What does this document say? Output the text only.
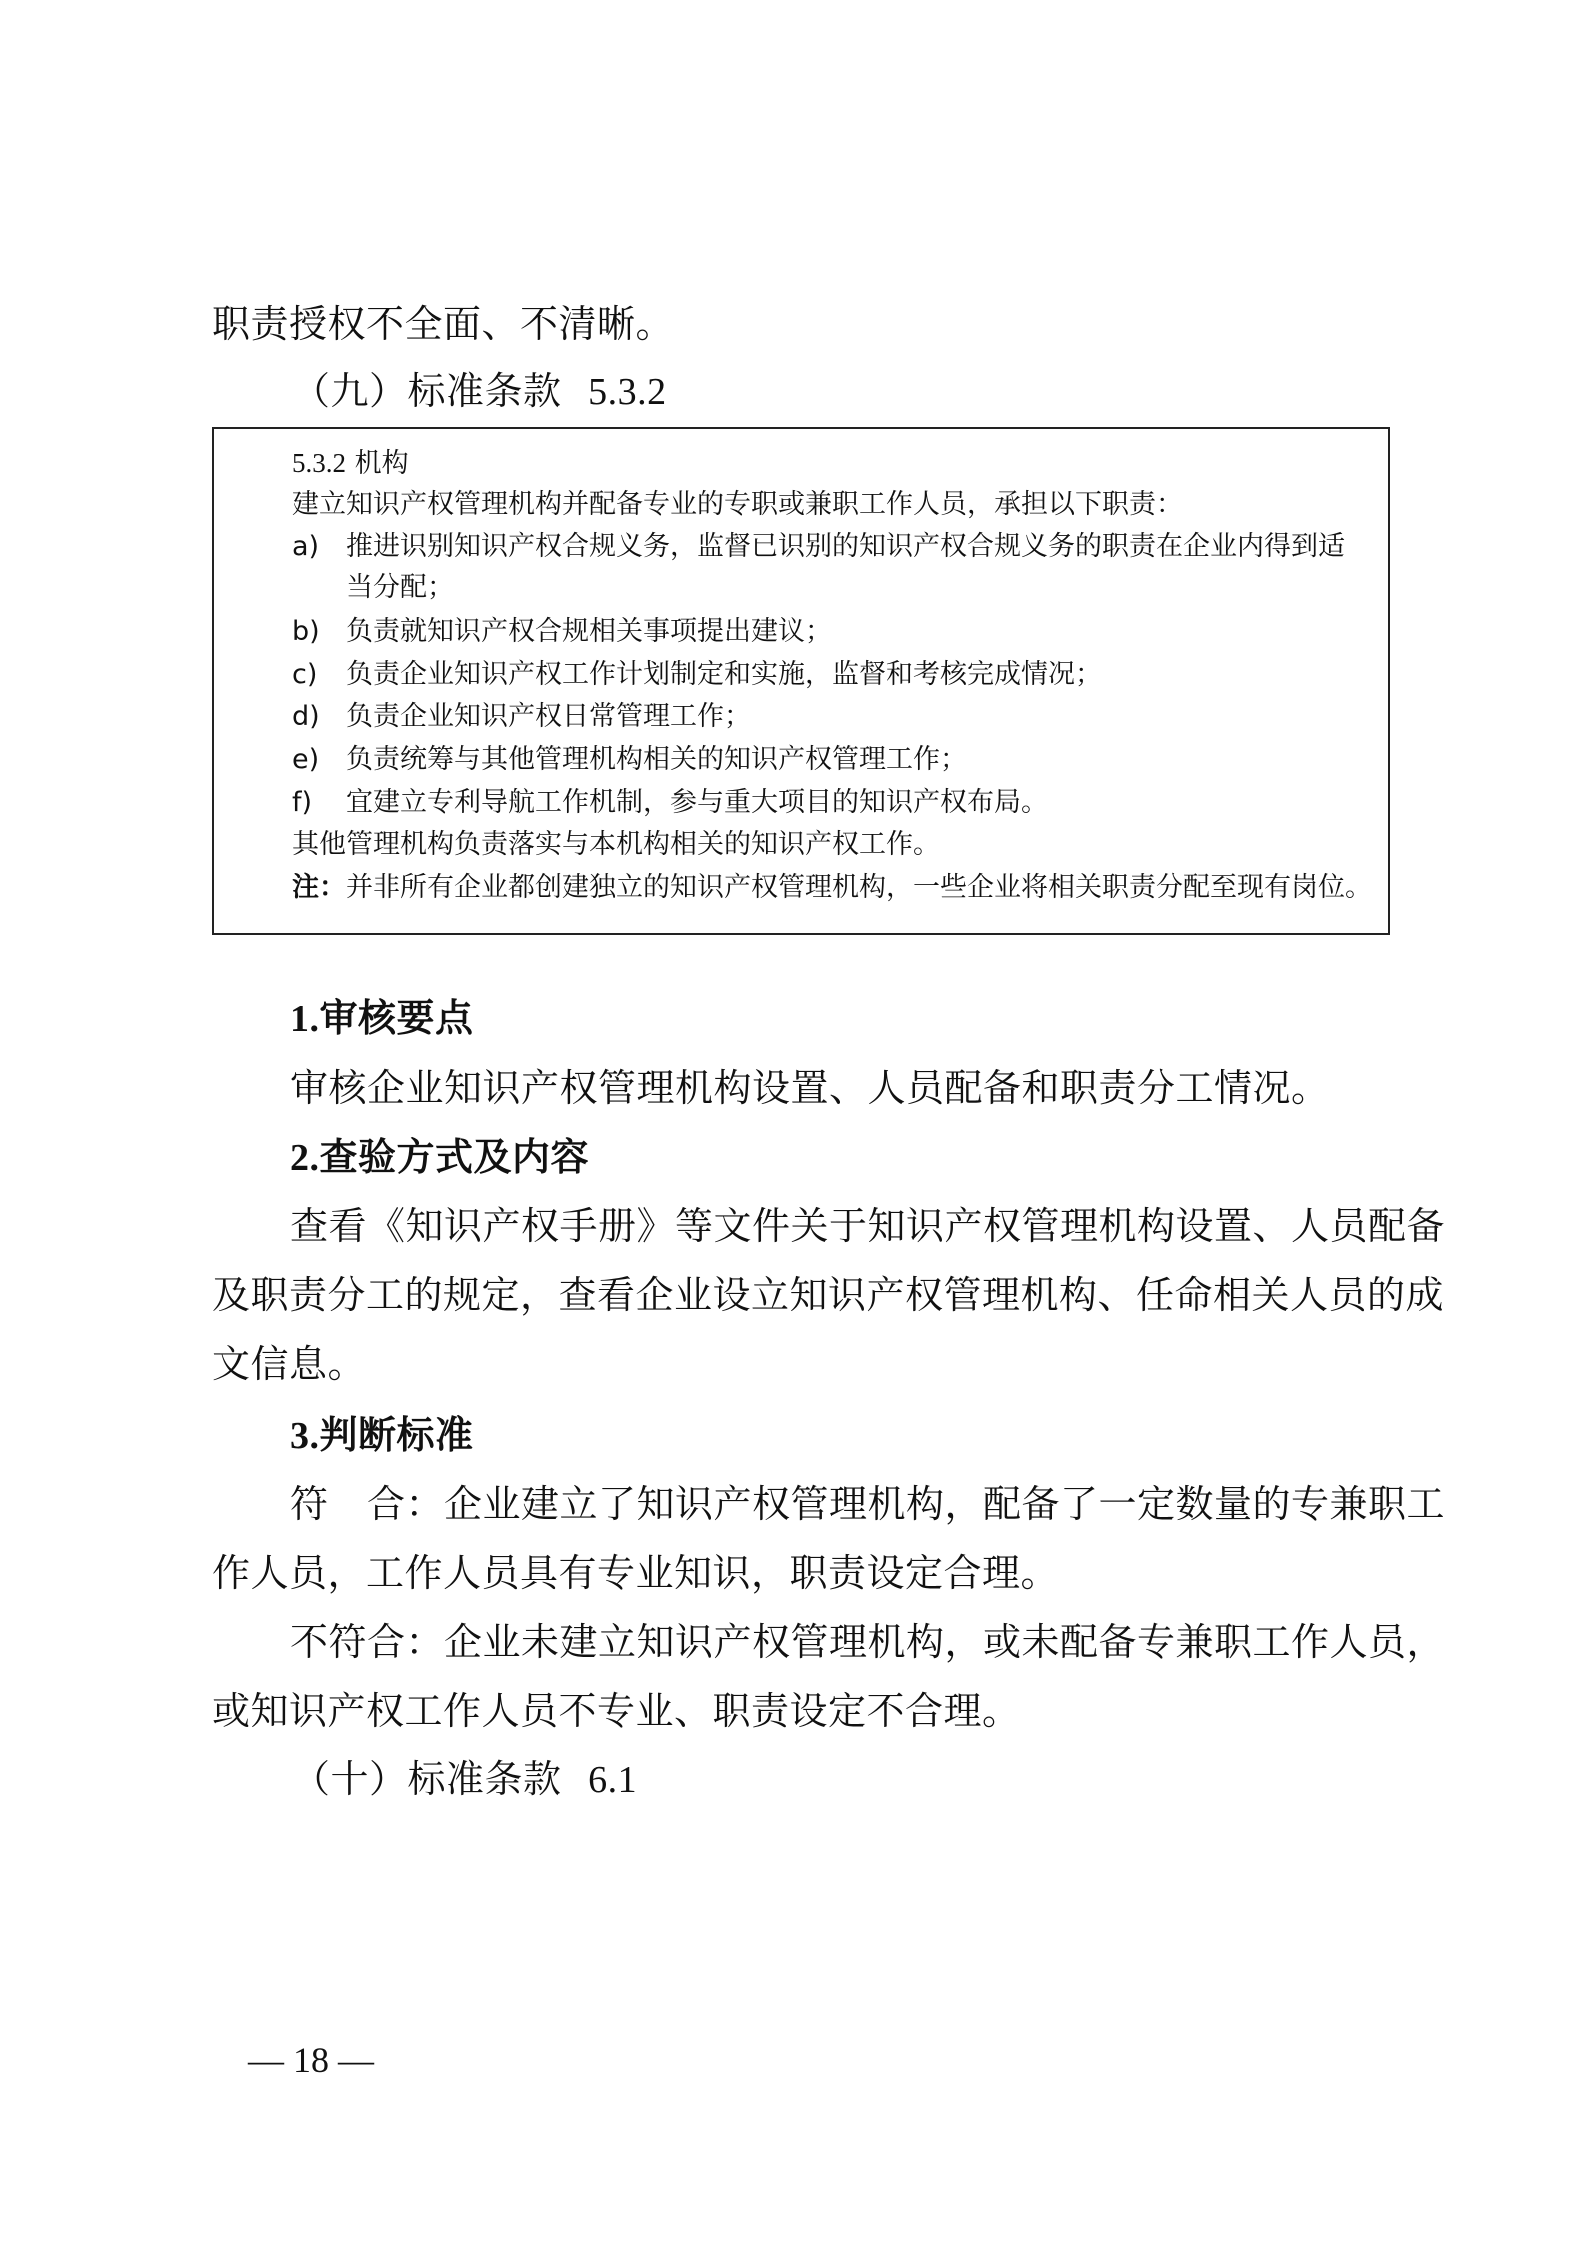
职责授权不全面、不清晰。
（九）标准条款 5.3.2
5.3.2 机构
建立知识产权管理机构并配备专业的专职或兼职工作人员，承担以下职责：
a) 推进识别知识产权合规义务，监督已识别的知识产权合规义务的职责在企业内得到适
当分配；
b) 负责就知识产权合规相关事项提出建议；
c) 负责企业知识产权工作计划制定和实施，监督和考核完成情况；
d) 负责企业知识产权日常管理工作；
e) 负责统筹与其他管理机构相关的知识产权管理工作；
f) 宜建立专利导航工作机制，参与重大项目的知识产权布局。
其他管理机构负责落实与本机构相关的知识产权工作。
注：并非所有企业都创建独立的知识产权管理机构，一些企业将相关职责分配至现有岗位。
1.审核要点
审核企业知识产权管理机构设置、人员配备和职责分工情况。
2.查验方式及内容
查看《知识产权手册》等文件关于知识产权管理机构设置、人员配备
及职责分工的规定，查看企业设立知识产权管理机构、任命相关人员的成
文信息。
3.判断标准
符　合：企业建立了知识产权管理机构，配备了一定数量的专兼职工
作人员，工作人员具有专业知识，职责设定合理。
不符合：企业未建立知识产权管理机构，或未配备专兼职工作人员，
或知识产权工作人员不专业、职责设定不合理。
（十）标准条款 6.1
— 18 —
